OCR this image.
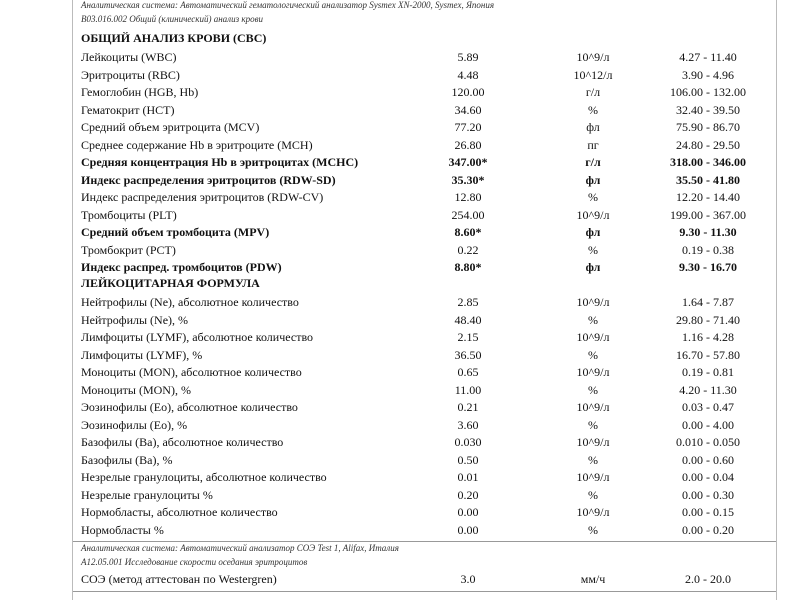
Аналитическая система: Автоматический гематологический анализатор Sysmex XN-2000, Sysmex, Япония
B03.016.002 Общий (клинический) анализ крови
ОБЩИЙ АНАЛИЗ КРОВИ (CBC)
Лейкоциты (WBC)	5.89	10^9/л	4.27 - 11.40
Эритроциты (RBC)	4.48	10^12/л	3.90 - 4.96
Гемоглобин (HGB, Hb)	120.00	г/л	106.00 - 132.00
Гематокрит (HCT)	34.60	%	32.40 - 39.50
Средний объем эритроцита (MCV)	77.20	фл	75.90 - 86.70
Среднее содержание Hb в эритроците (MCH)	26.80	пг	24.80 - 29.50
Средняя концентрация Hb в эритроцитах (MCHC)	347.00*	г/л	318.00 - 346.00
Индекс распределения эритроцитов (RDW-SD)	35.30*	фл	35.50 - 41.80
Индекс распределения эритроцитов (RDW-CV)	12.80	%	12.20 - 14.40
Тромбоциты (PLT)	254.00	10^9/л	199.00 - 367.00
Средний объем тромбоцита (MPV)	8.60*	фл	9.30 - 11.30
Тромбокрит (PCT)	0.22	%	0.19 - 0.38
Индекс распред. тромбоцитов (PDW)	8.80*	фл	9.30 - 16.70
ЛЕЙКОЦИТАРНАЯ ФОРМУЛА
Нейтрофилы (Ne), абсолютное количество	2.85	10^9/л	1.64 - 7.87
Нейтрофилы (Ne), %	48.40	%	29.80 - 71.40
Лимфоциты (LYMF), абсолютное количество	2.15	10^9/л	1.16 - 4.28
Лимфоциты (LYMF), %	36.50	%	16.70 - 57.80
Моноциты (MON), абсолютное количество	0.65	10^9/л	0.19 - 0.81
Моноциты (MON), %	11.00	%	4.20 - 11.30
Эозинофилы (Eo), абсолютное количество	0.21	10^9/л	0.03 - 0.47
Эозинофилы (Eo), %	3.60	%	0.00 - 4.00
Базофилы (Ba), абсолютное количество	0.030	10^9/л	0.010 - 0.050
Базофилы (Ba), %	0.50	%	0.00 - 0.60
Незрелые гранулоциты, абсолютное количество	0.01	10^9/л	0.00 - 0.04
Незрелые гранулоциты %	0.20	%	0.00 - 0.30
Нормобласты, абсолютное количество	0.00	10^9/л	0.00 - 0.15
Нормобласты %	0.00	%	0.00 - 0.20
Аналитическая система: Автоматический анализатор СОЭ Test 1, Alifax, Италия
A12.05.001 Исследование скорости оседания эритроцитов
СОЭ (метод аттестован по Westergren)	3.0	мм/ч	2.0 - 20.0
